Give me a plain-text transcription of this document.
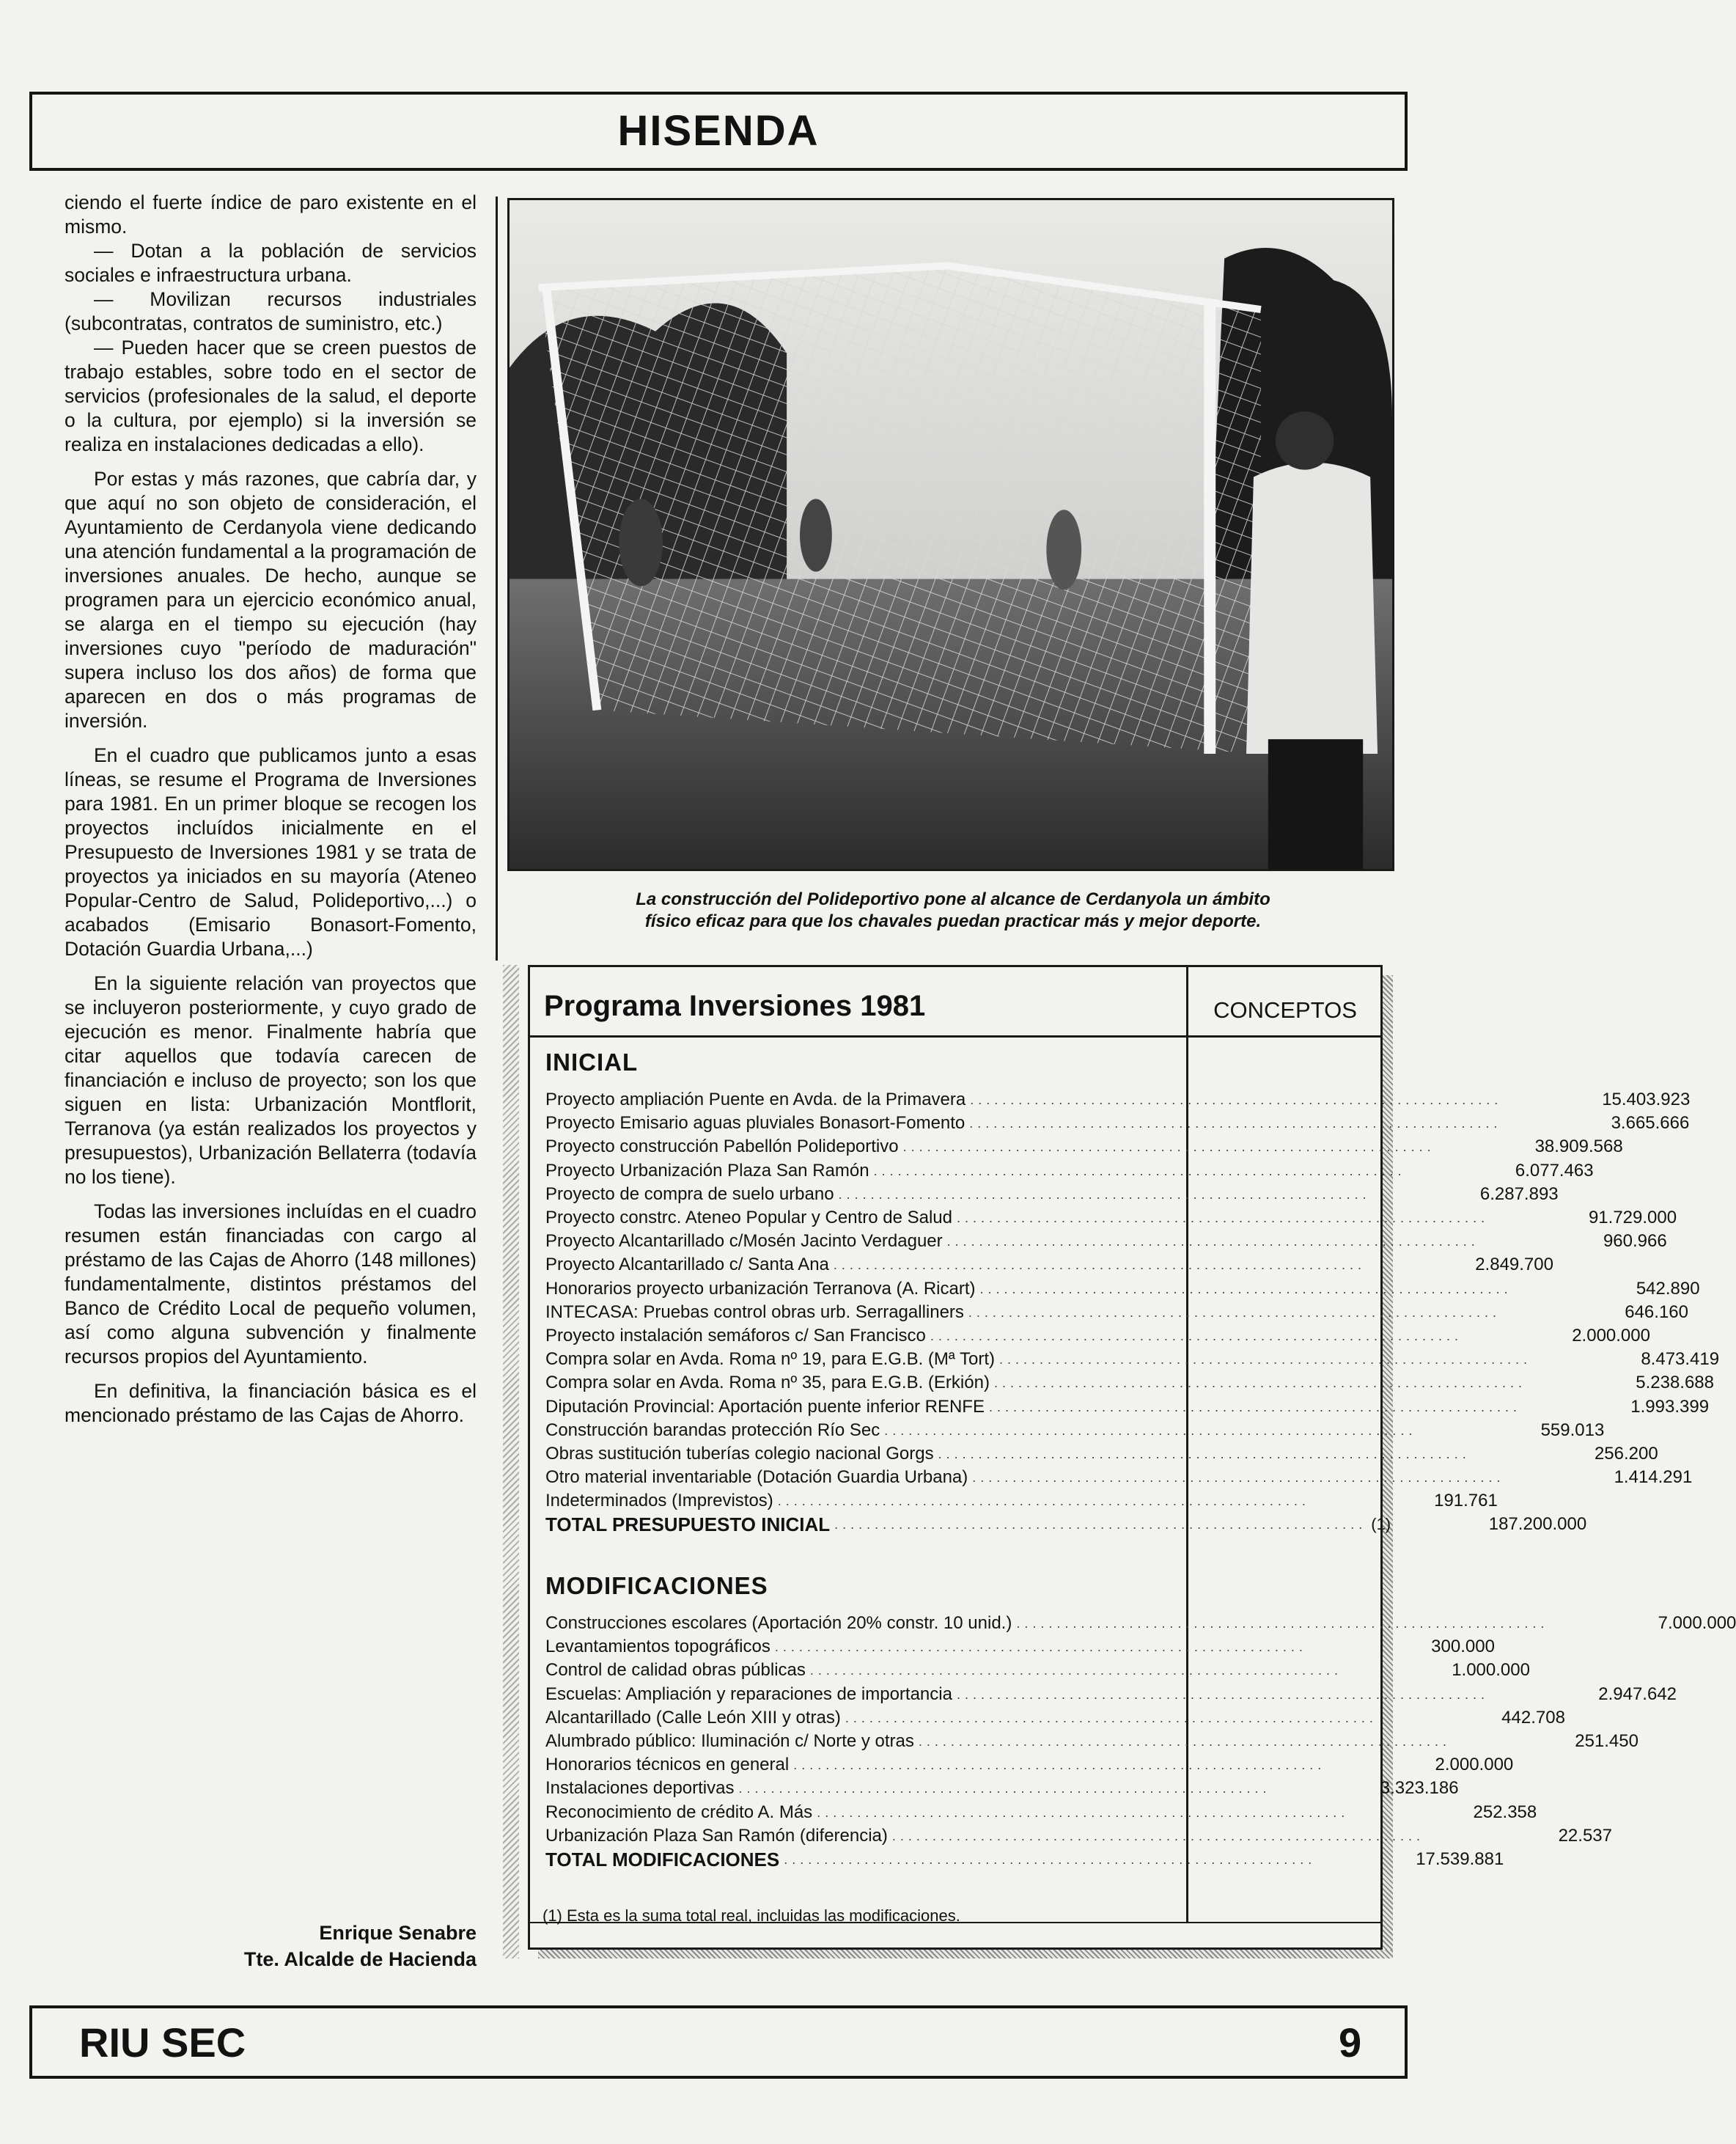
HISENDA

ciendo el fuerte índice de paro existente en el mismo.

— Dotan a la población de servicios sociales e infraestructura urbana.

— Movilizan recursos industriales (subcontratas, contratos de suministro, etc.)

— Pueden hacer que se creen puestos de trabajo estables, sobre todo en el sector de servicios (profesionales de la salud, el deporte o la cultura, por ejemplo) si la inversión se realiza en instalaciones dedicadas a ello).

Por estas y más razones, que cabría dar, y que aquí no son objeto de consideración, el Ayuntamiento de Cerdanyola viene dedicando una atención fundamental a la programación de inversiones anuales. De hecho, aunque se programen para un ejercicio económico anual, se alarga en el tiempo su ejecución (hay inversiones cuyo "período de maduración" supera incluso los dos años) de forma que aparecen en dos o más programas de inversión.

En el cuadro que publicamos junto a esas líneas, se resume el Programa de Inversiones para 1981. En un primer bloque se recogen los proyectos incluídos inicialmente en el Presupuesto de Inversiones 1981 y se trata de proyectos ya iniciados en su mayoría (Ateneo Popular-Centro de Salud, Polideportivo,...) o acabados (Emisario Bonasort-Fomento, Dotación Guardia Urbana,...)

En la siguiente relación van proyectos que se incluyeron posteriormente, y cuyo grado de ejecución es menor. Finalmente habría que citar aquellos que todavía carecen de financiación e incluso de proyecto; son los que siguen en lista: Urbanización Montflorit, Terranova (ya están realizados los proyectos y presupuestos), Urbanización Bellaterra (todavía no los tiene).

Todas las inversiones incluídas en el cuadro resumen están financiadas con cargo al préstamo de las Cajas de Ahorro (148 millones) fundamentalmente, distintos préstamos del Banco de Crédito Local de pequeño volumen, así como alguna subvención y finalmente recursos propios del Ayuntamiento.

En definitiva, la financiación básica es el mencionado préstamo de las Cajas de Ahorro.

Enrique Senabre
Tte. Alcalde de Hacienda
La construcción del Polideportivo pone al alcance de Cerdanyola un ámbito
físico eficaz para que los chavales puedan practicar más y mejor deporte.
Programa Inversiones 1981	CONCEPTOS
INICIAL
Proyecto ampliación Puente en Avda. de la Primavera ..................................................................	15.403.923
Proyecto Emisario aguas pluviales Bonasort-Fomento ..................................................................	3.665.666
Proyecto construcción Pabellón Polideportivo ..................................................................	38.909.568
Proyecto Urbanización Plaza San Ramón ..................................................................	6.077.463
Proyecto de compra de suelo urbano ..................................................................	6.287.893
Proyecto constrc. Ateneo Popular y Centro de Salud ..................................................................	91.729.000
Proyecto Alcantarillado c/Mosén Jacinto Verdaguer ..................................................................	960.966
Proyecto Alcantarillado c/ Santa Ana ..................................................................	2.849.700
Honorarios proyecto urbanización Terranova (A. Ricart) ..................................................................	542.890
INTECASA: Pruebas control obras urb. Serragalliners ..................................................................	646.160
Proyecto instalación semáforos c/ San Francisco ..................................................................	2.000.000
Compra solar en Avda. Roma nº 19, para E.G.B. (Mª Tort) ..................................................................	8.473.419
Compra solar en Avda. Roma nº 35, para E.G.B. (Erkión) ..................................................................	5.238.688
Diputación Provincial: Aportación puente inferior RENFE ..................................................................	1.993.399
Construcción barandas protección Río Sec ..................................................................	559.013
Obras sustitución tuberías colegio nacional Gorgs ..................................................................	256.200
Otro material inventariable (Dotación Guardia Urbana) ..................................................................	1.414.291
Indeterminados (Imprevistos) ..................................................................	191.761
TOTAL PRESUPUESTO INICIAL .................................................................. (1)	187.200.000
MODIFICACIONES
Construcciones escolares (Aportación 20% constr. 10 unid.) ..................................................................	7.000.000
Levantamientos topográficos ..................................................................	300.000
Control de calidad obras públicas ..................................................................	1.000.000
Escuelas: Ampliación y reparaciones de importancia ..................................................................	2.947.642
Alcantarillado (Calle León XIII y otras) ..................................................................	442.708
Alumbrado público: Iluminación c/ Norte y otras ..................................................................	251.450
Honorarios técnicos en general ..................................................................	2.000.000
Instalaciones deportivas ..................................................................	3.323.186
Reconocimiento de crédito A. Más ..................................................................	252.358
Urbanización Plaza San Ramón (diferencia) ..................................................................	22.537
TOTAL MODIFICACIONES ..................................................................	17.539.881
(1) Esta es la suma total real, incluidas las modificaciones.
RIU SEC	9
